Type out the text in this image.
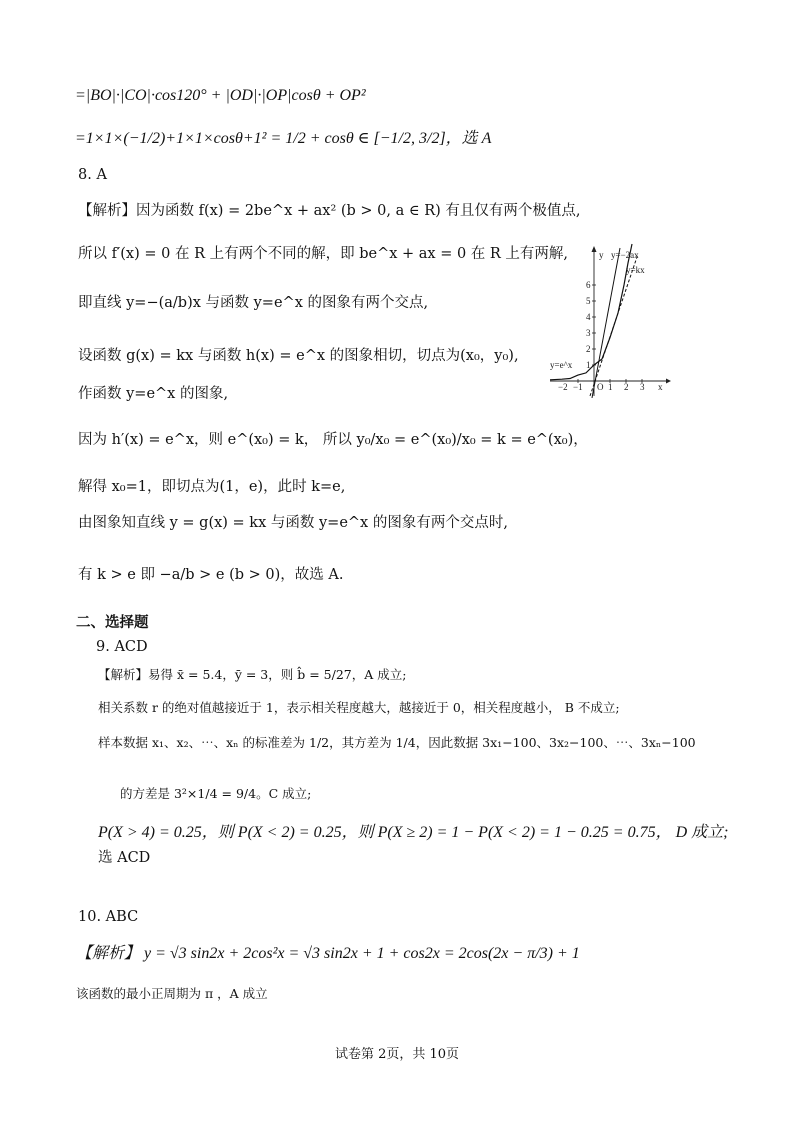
=|BO|·|CO|·cos120° + |OD|·|OP|cosθ + OP²
=1×1×(−1/2)+1×1×cosθ+1² = 1/2 + cosθ ∈ [−1/2, 3/2]，选 A
8. A
【解析】因为函数 f(x) = 2be^x + ax² (b > 0, a ∈ R) 有且仅有两个极值点,
所以 f′(x) = 0 在 R 上有两个不同的解，即 be^x + ax = 0 在 R 上有两解,
即直线 y=−(a/b)x 与函数 y=e^x 的图象有两个交点,
设函数 g(x) = kx 与函数 h(x) = e^x 的图象相切，切点为(x₀，y₀),
作函数 y=e^x 的图象,
因为 h′(x) = e^x，则 e^(x₀) = k， 所以 y₀/x₀ = e^(x₀)/x₀ = k = e^(x₀)，
解得 x₀=1，即切点为(1，e)，此时 k=e,
由图象知直线 y = g(x) = kx 与函数 y=e^x 的图象有两个交点时,
有 k > e 即 −a/b > e (b > 0)，故选 A.
二、选择题
9. ACD
【解析】易得 x̄ = 5.4，ȳ = 3，则 b̂ = 5/27，A 成立;
相关系数 r 的绝对值越接近于 1，表示相关程度越大，越接近于 0，相关程度越小， B 不成立;
样本数据 x₁、x₂、⋯、xₙ 的标准差为 1/2，其方差为 1/4，因此数据 3x₁−100、3x₂−100、⋯、3xₙ−100
的方差是 3²×1/4 = 9/4。C 成立;
P(X > 4) = 0.25，则 P(X < 2) = 0.25，则 P(X ≥ 2) = 1 − P(X < 2) = 1 − 0.25 = 0.75， D 成立;
选 ACD
10. ABC
【解析】 y = √3 sin2x + 2cos²x = √3 sin2x + 1 + cos2x = 2cos(2x − π/3) + 1
该函数的最小正周期为 π ，A 成立
−2 −1 O 1 2 3 x
1
2
3
4
5
6
y
y=e^x
y=kx
y=−2ax
试卷第 2页，共 10页
